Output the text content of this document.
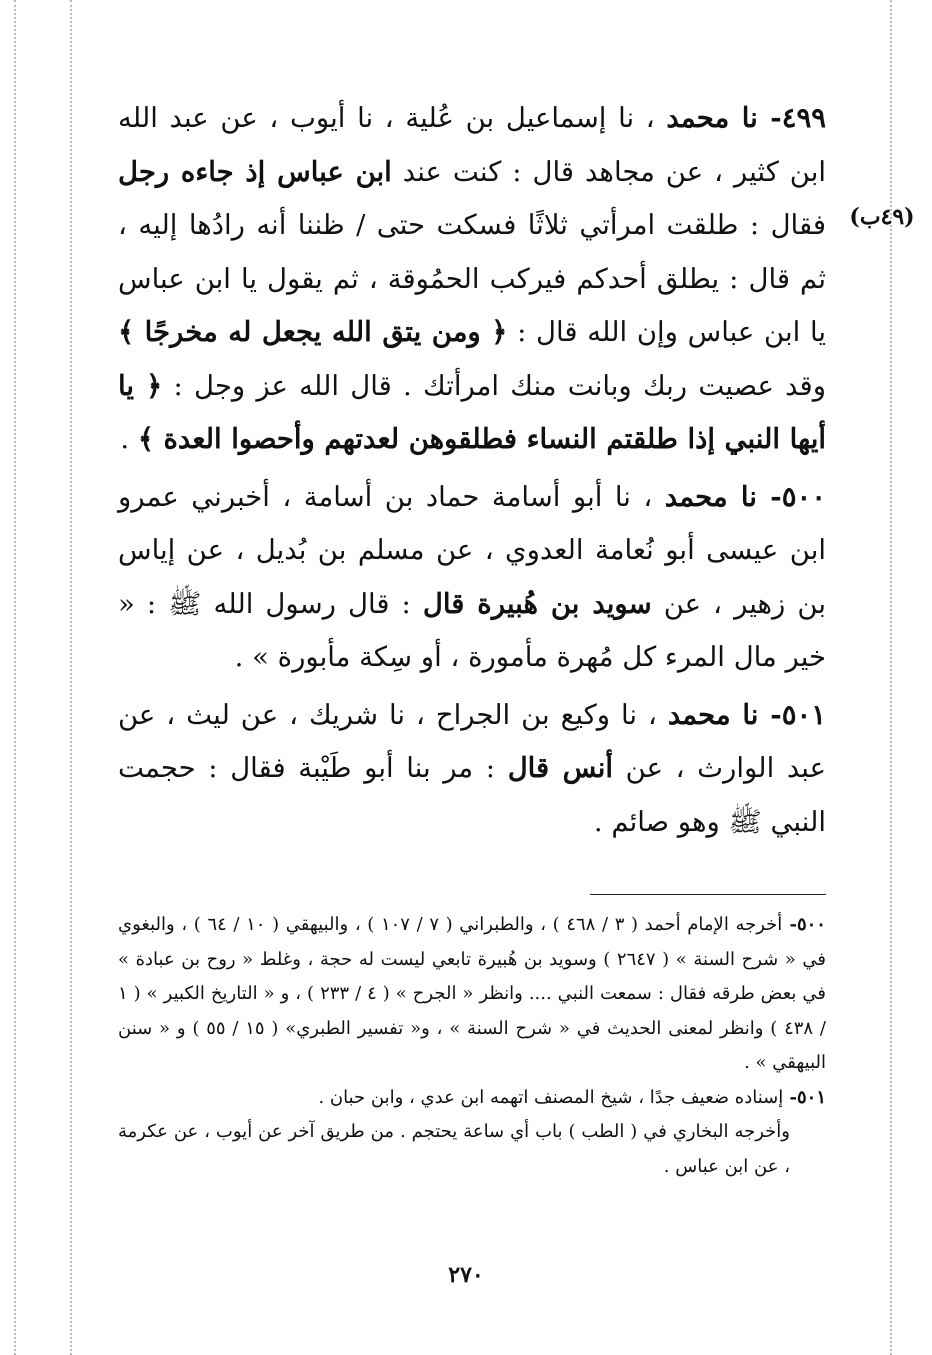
٤٩٩- نا محمد ، نا إسماعيل بن عُلية ، نا أيوب ، عن عبد الله ابن كثير ، عن مجاهد قال : كنت عند ابن عباس إذ جاءه رجل فقال : طلقت امرأتي ثلاثًا فسكت حتى / ظننا أنه رادُها إليه ، ثم قال : يطلق أحدكم فيركب الحمُوقة ، ثم يقول يا ابن عباس يا ابن عباس وإن الله قال : ﴿ ومن يتق الله يجعل له مخرجًا ﴾ وقد عصيت ربك وبانت منك امرأتك . قال الله عز وجل : ﴿ يا أيها النبي إذا طلقتم النساء فطلقوهن لعدتهم وأحصوا العدة ﴾ .

٥٠٠- نا محمد ، نا أبو أسامة حماد بن أسامة ، أخبرني عمرو ابن عيسى أبو نُعامة العدوي ، عن مسلم بن بُديل ، عن إياس بن زهير ، عن سويد بن هُبيرة قال : قال رسول الله ﷺ : « خير مال المرء كل مُهرة مأمورة ، أو سِكة مأبورة » .

٥٠١- نا محمد ، نا وكيع بن الجراح ، نا شريك ، عن ليث ، عن عبد الوارث ، عن أنس قال : مر بنا أبو طَيْبة فقال : حجمت النبي ﷺ وهو صائم .

(٤٩ب)

٥٠٠- أخرجه الإمام أحمد ( ٣ / ٤٦٨ ) ، والطبراني ( ٧ / ١٠٧ ) ، والبيهقي ( ١٠ / ٦٤ ) ، والبغوي في « شرح السنة » ( ٢٦٤٧ ) وسويد بن هُبيرة تابعي ليست له حجة ، وغلط « روح بن عبادة » في بعض طرقه فقال : سمعت النبي .... وانظر « الجرح » ( ٤ / ٢٣٣ ) ، و « التاريخ الكبير » ( ١ / ٤٣٨ ) وانظر لمعنى الحديث في « شرح السنة » ، و« تفسير الطبري» ( ١٥ / ٥٥ ) و « سنن البيهقي » .

٥٠١- إسناده ضعيف جدًا ، شيخ المصنف اتهمه ابن عدي ، وابن حبان .

وأخرجه البخاري في ( الطب ) باب أي ساعة يحتجم . من طريق آخر عن أيوب ، عن عكرمة ، عن ابن عباس .

٢٧٠
